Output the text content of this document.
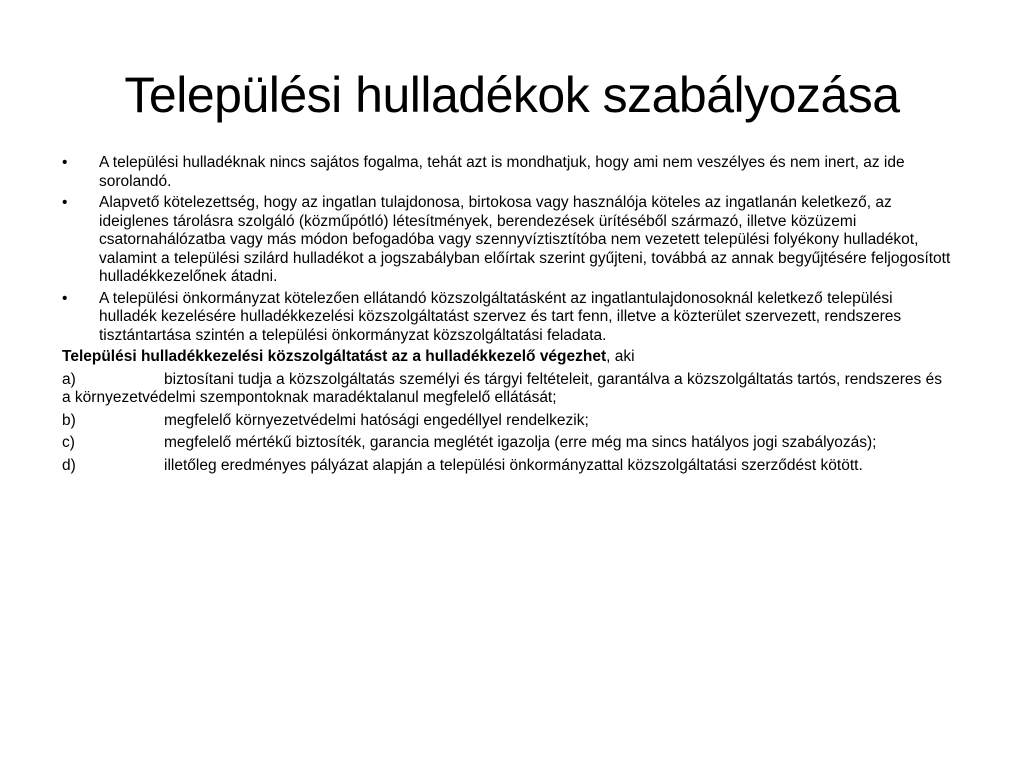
Települési hulladékok szabályozása
• A települési hulladéknak nincs sajátos fogalma, tehát azt is mondhatjuk, hogy ami nem veszélyes és nem inert, az ide sorolandó.
• Alapvető kötelezettség, hogy az ingatlan tulajdonosa, birtokosa vagy használója köteles az ingatlanán keletkező, az ideiglenes tárolásra szolgáló (közműpótló) létesítmények, berendezések ürítéséből származó, illetve közüzemi csatornahálózatba vagy más módon befogadóba vagy szennyvíztisztítóba nem vezetett települési folyékony hulladékot, valamint a települési szilárd hulladékot a jogszabályban előírtak szerint gyűjteni, továbbá az annak begyűjtésére feljogosított hulladékkezelőnek átadni.
• A települési önkormányzat kötelezően ellátandó közszolgáltatásként az ingatlantulajdonosoknál keletkező települési hulladék kezelésére hulladékkezelési közszolgáltatást szervez és tart fenn, illetve a közterület szervezett, rendszeres tisztántartása szintén a települési önkormányzat közszolgáltatási feladata.
Települési hulladékkezelési közszolgáltatást az a hulladékkezelő végezhet, aki
a)	biztosítani tudja a közszolgáltatás személyi és tárgyi feltételeit, garantálva a közszolgáltatás tartós, rendszeres és a környezetvédelmi szempontoknak maradéktalanul megfelelő ellátását;
b)	megfelelő környezetvédelmi hatósági engedéllyel rendelkezik;
c)	megfelelő mértékű biztosíték, garancia meglétét igazolja (erre még ma sincs hatályos jogi szabályozás);
d)	illetőleg eredményes pályázat alapján a települési önkormányzattal közszolgáltatási szerződést kötött.
